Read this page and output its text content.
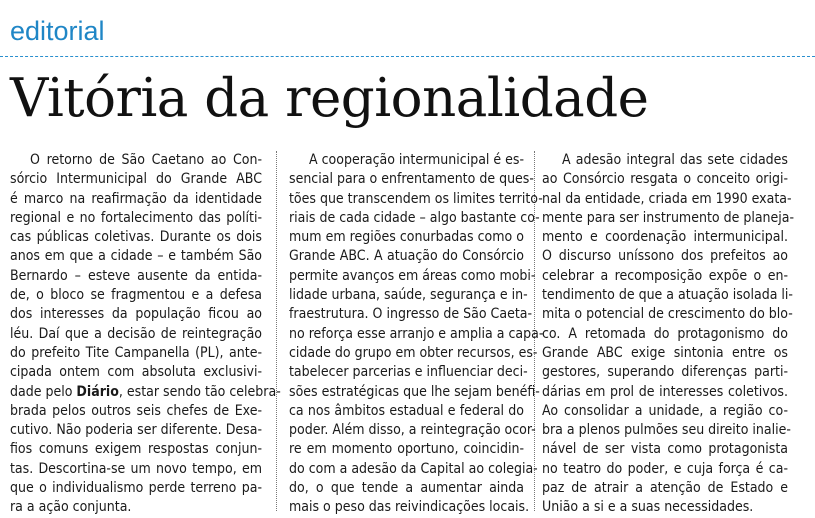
editorial
Vitória da regionalidade
O retorno de São Caetano ao Con-
sórcio Intermunicipal do Grande ABC
é marco na reafirmação da identidade
regional e no fortalecimento das políti-
cas públicas coletivas. Durante os dois
anos em que a cidade – e também São
Bernardo – esteve ausente da entida-
de, o bloco se fragmentou e a defesa
dos interesses da população ficou ao
léu. Daí que a decisão de reintegração
do prefeito Tite Campanella (PL), ante-
cipada ontem com absoluta exclusivi-
dade pelo Diário, estar sendo tão celebra-
brada pelos outros seis chefes de Exe-
cutivo. Não poderia ser diferente. Desa-
fios comuns exigem respostas conjun-
tas. Descortina-se um novo tempo, em
que o individualismo perde terreno pa-
ra a ação conjunta.
A cooperação intermunicipal é es-
sencial para o enfrentamento de ques-
tões que transcendem os limites territo-
riais de cada cidade – algo bastante co-
mum em regiões conurbadas como o
Grande ABC. A atuação do Consórcio
permite avanços em áreas como mobi-
lidade urbana, saúde, segurança e in-
fraestrutura. O ingresso de São Caeta-
no reforça esse arranjo e amplia a capa-
cidade do grupo em obter recursos, es-
tabelecer parcerias e influenciar deci-
sões estratégicas que lhe sejam benéfi-
ca nos âmbitos estadual e federal do
poder. Além disso, a reintegração ocor-
re em momento oportuno, coincidin-
do com a adesão da Capital ao colegia-
do, o que tende a aumentar ainda
mais o peso das reivindicações locais.
A adesão integral das sete cidades
ao Consórcio resgata o conceito origi-
nal da entidade, criada em 1990 exata-
mente para ser instrumento de planeja-
mento e coordenação intermunicipal.
O discurso uníssono dos prefeitos ao
celebrar a recomposição expõe o en-
tendimento de que a atuação isolada li-
mita o potencial de crescimento do blo-
co. A retomada do protagonismo do
Grande ABC exige sintonia entre os
gestores, superando diferenças parti-
dárias em prol de interesses coletivos.
Ao consolidar a unidade, a região co-
bra a plenos pulmões seu direito inalie-
nável de ser vista como protagonista
no teatro do poder, e cuja força é ca-
paz de atrair a atenção de Estado e
União a si e a suas necessidades.
